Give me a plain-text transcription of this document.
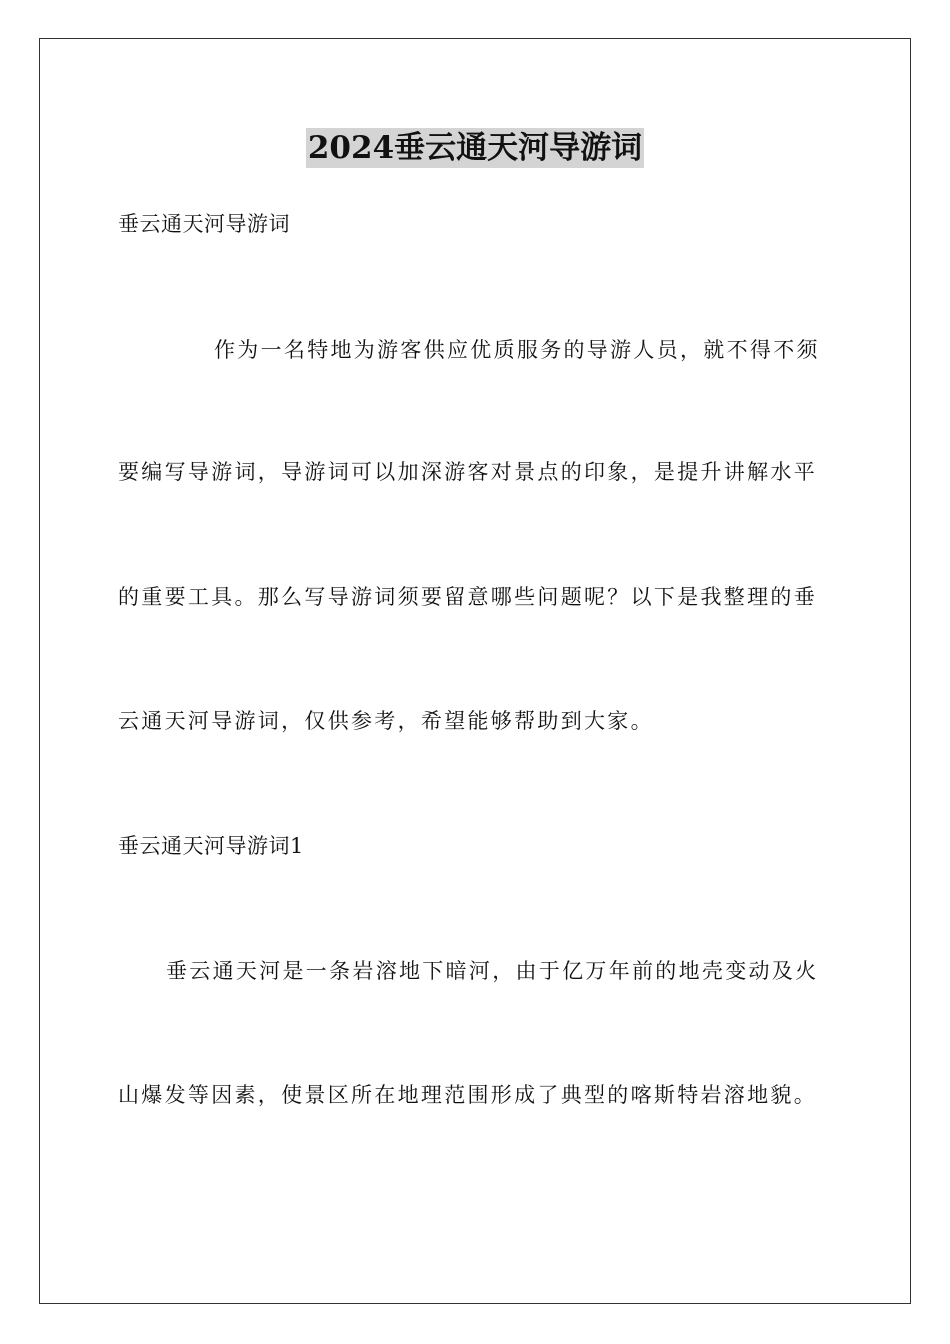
2024垂云通天河导游词

垂云通天河导游词

作为一名特地为游客供应优质服务的导游人员，就不得不须

要编写导游词，导游词可以加深游客对景点的印象，是提升讲解水平

的重要工具。那么写导游词须要留意哪些问题呢？以下是我整理的垂

云通天河导游词，仅供参考，希望能够帮助到大家。

垂云通天河导游词1

垂云通天河是一条岩溶地下暗河，由于亿万年前的地壳变动及火

山爆发等因素，使景区所在地理范围形成了典型的喀斯特岩溶地貌。
